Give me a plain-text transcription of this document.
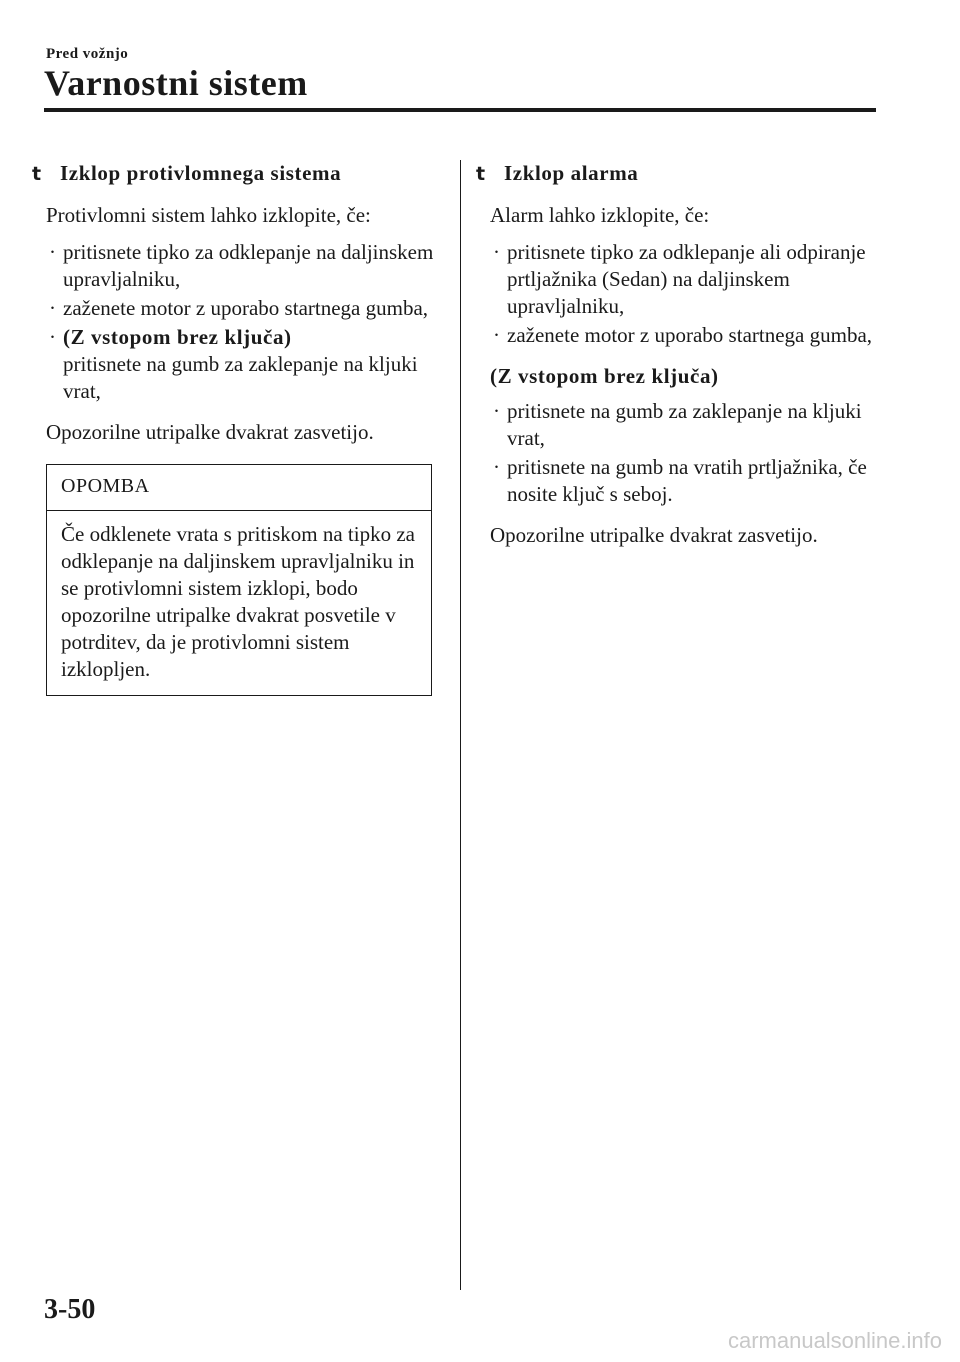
Pred vožnjo
Varnostni sistem
t Izklop protivlomnega sistema

Protivlomni sistem lahko izklopite, če:

· pritisnete tipko za odklepanje na daljinskem upravljalniku,
· zaženete motor z uporabo startnega gumba,
· (Z vstopom brez ključa)
pritisnete na gumb za zaklepanje na kljuki vrat,

Opozorilne utripalke dvakrat zasvetijo.

OPOMBA
Če odklenete vrata s pritiskom na tipko za odklepanje na daljinskem upravljalniku in se protivlomni sistem izklopi, bodo opozorilne utripalke dvakrat posvetile v potrditev, da je protivlomni sistem izklopljen.
t Izklop alarma

Alarm lahko izklopite, če:

· pritisnete tipko za odklepanje ali odpiranje prtljažnika (Sedan) na daljinskem upravljalniku,
· zaženete motor z uporabo startnega gumba,
(Z vstopom brez ključa)
· pritisnete na gumb za zaklepanje na kljuki vrat,
· pritisnete na gumb na vratih prtljažnika, če nosite ključ s seboj.

Opozorilne utripalke dvakrat zasvetijo.

3-50
carmanualsonline.info
